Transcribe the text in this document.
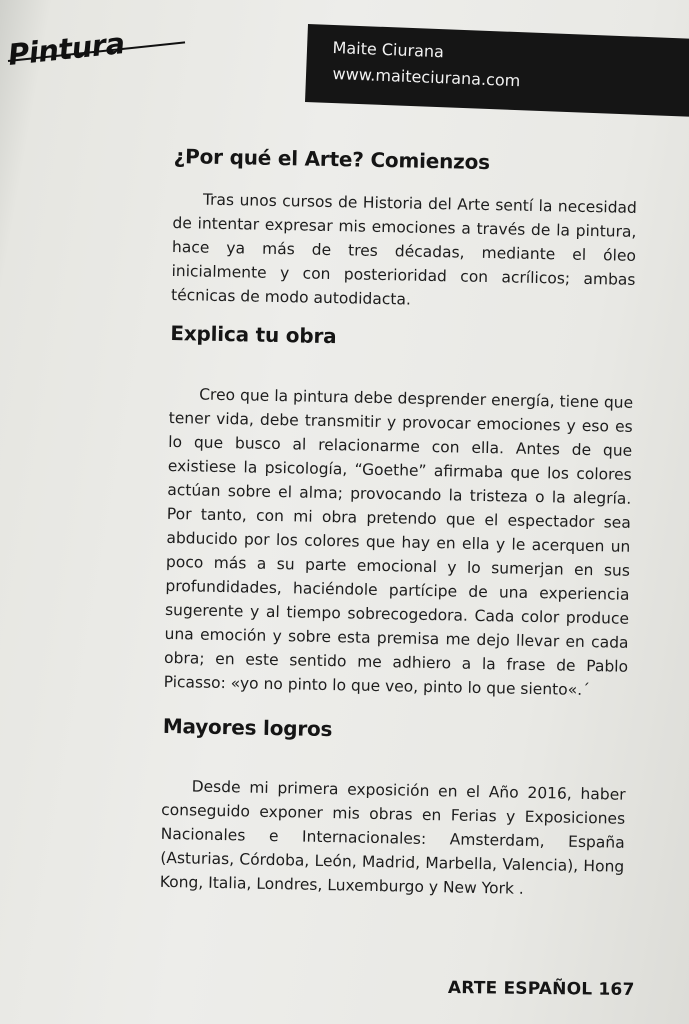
Pintura	Maite Ciurana
www.maiteciurana.com
¿Por qué el Arte? Comienzos

Tras unos cursos de Historia del Arte sentí la necesidad de intentar expresar mis emociones a través de la pintura, hace ya más de tres décadas, mediante el óleo inicialmente y con posterioridad con acrílicos; ambas técnicas de modo autodidacta.

Explica tu obra

Creo que la pintura debe desprender energía, tiene que tener vida, debe transmitir y provocar emociones y eso es lo que busco al relacionarme con ella. Antes de que existiese la psicología, “Goethe” afirmaba que los colores actúan sobre el alma; provocando la tristeza o la alegría. Por tanto, con mi obra pretendo que el espectador sea abducido por los colores que hay en ella y le acerquen un poco más a su parte emocional y lo sumerjan en sus profundidades, haciéndole partícipe de una experiencia sugerente y al tiempo sobrecogedora. Cada color produce una emoción y sobre esta premisa me dejo llevar en cada obra; en este sentido me adhiero a la frase de Pablo Picasso: «yo no pinto lo que veo, pinto lo que siento«.´

Mayores logros

Desde mi primera exposición en el Año 2016, haber conseguido exponer mis obras en Ferias y Exposiciones Nacionales e Internacionales: Amsterdam, España (Asturias, Córdoba, León, Madrid, Marbella, Valencia), Hong Kong, Italia, Londres, Luxemburgo y New York .

ARTE ESPAÑOL 167
